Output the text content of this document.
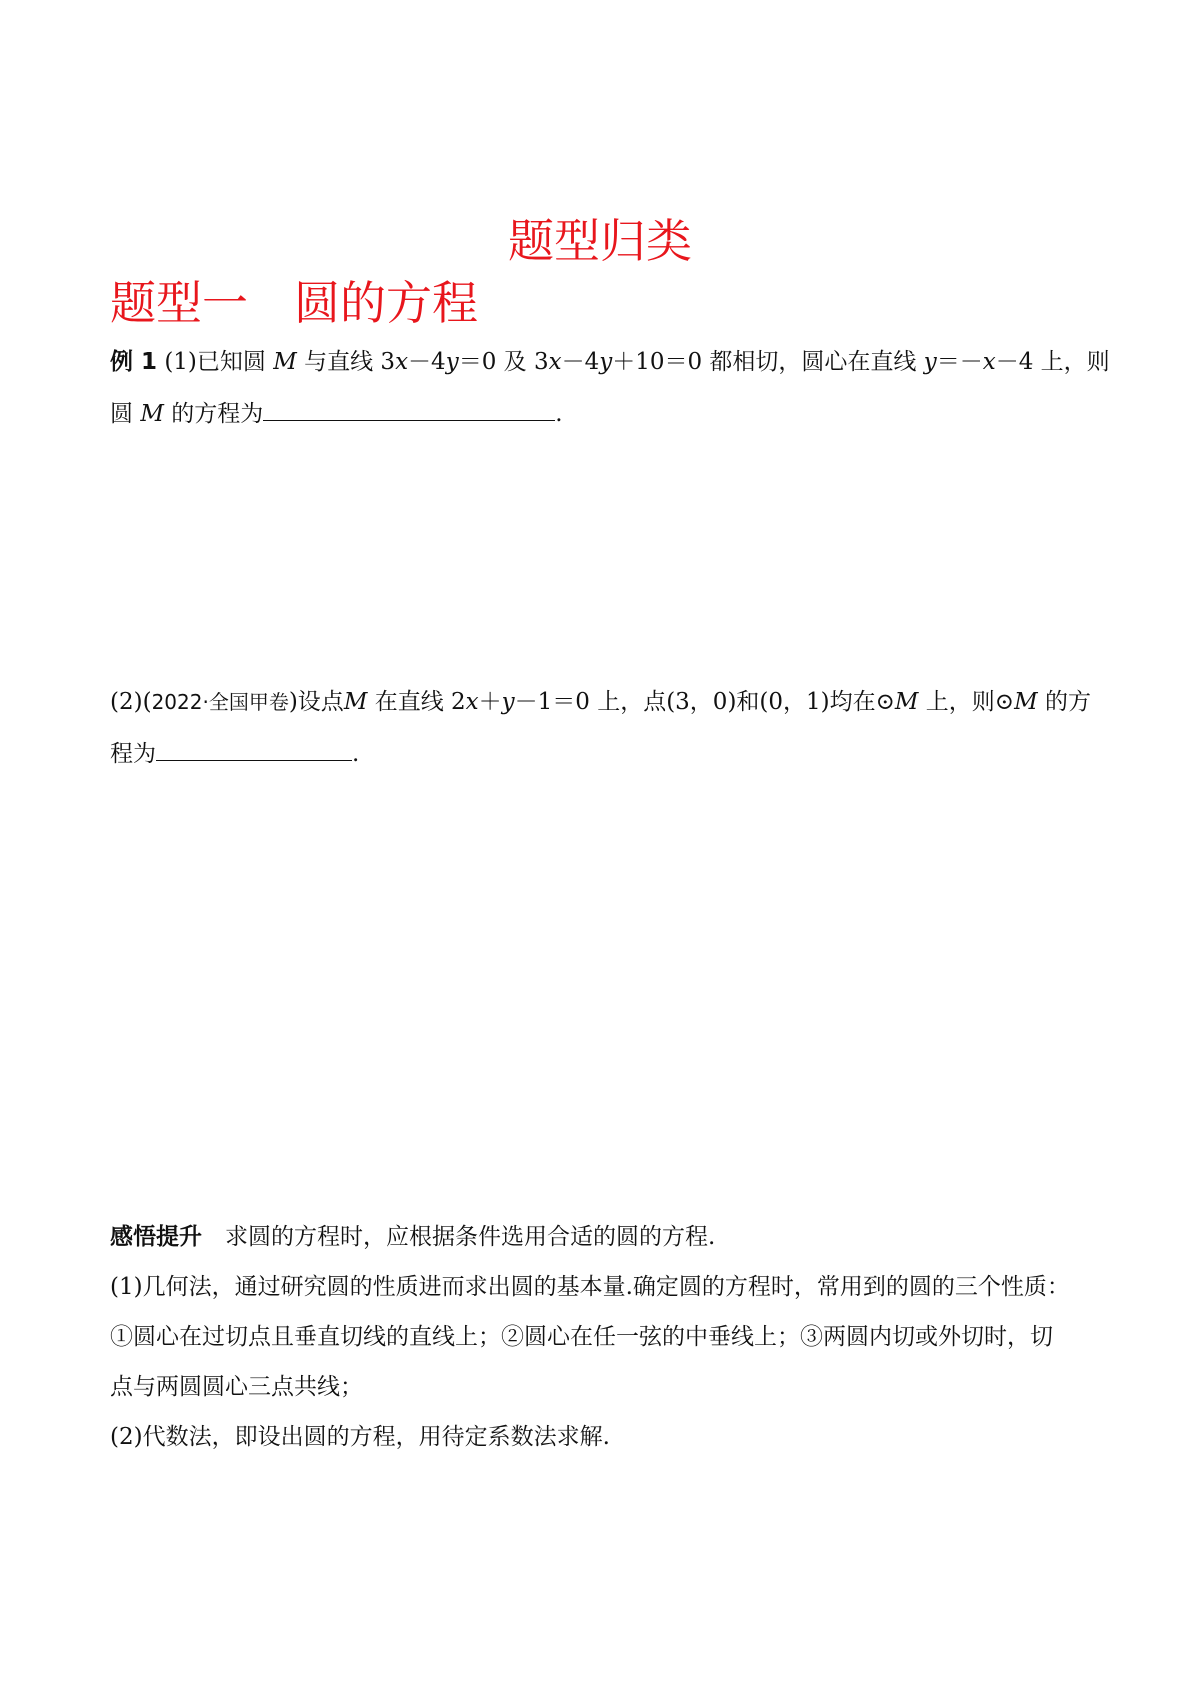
题型归类
题型一　圆的方程
例 1 (1)已知圆 M 与直线 3x－4y＝0 及 3x－4y＋10＝0 都相切，圆心在直线 y＝－x－4 上，则
圆 M 的方程为	.
(2)(2022·全国甲卷)设点M 在直线 2x＋y－1＝0 上，点(3，0)和(0，1)均在⊙M 上，则⊙M 的方
程为	.
感悟提升　 求圆的方程时，应根据条件选用合适的圆的方程.
(1)几何法，通过研究圆的性质进而求出圆的基本量.确定圆的方程时，常用到的圆的三个性质：
①圆心在过切点且垂直切线的直线上；②圆心在任一弦的中垂线上；③两圆内切或外切时，切
点与两圆圆心三点共线；
(2)代数法，即设出圆的方程，用待定系数法求解.
